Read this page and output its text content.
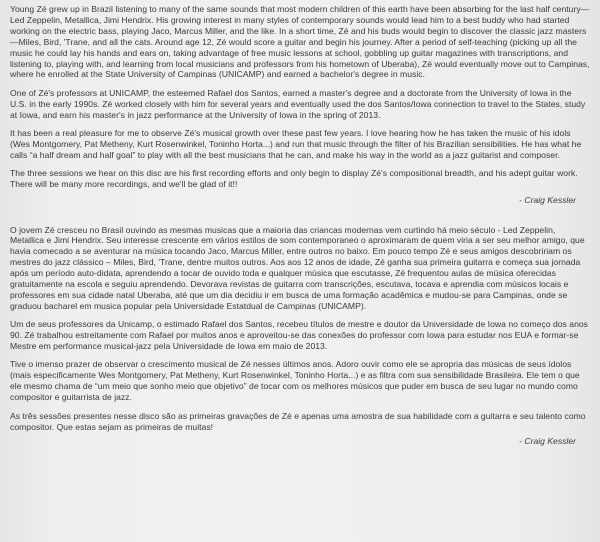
Young Zé grew up in Brazil listening to many of the same sounds that most modern children of this earth have been absorbing for the last half century—Led Zeppelin, Metallica, Jimi Hendrix. His growing interest in many styles of contemporary sounds would lead him to a best buddy who had started working on the electric bass, playing Jaco, Marcus Miller, and the like. In a short time, Zé and his buds would begin to discover the classic jazz masters—Miles, Bird, 'Trane, and all the cats. Around age 12, Zé would score a guitar and begin his journey. After a period of self-teaching (picking up all the music he could lay his hands and ears on, taking advantage of free music lessons at school, gobbling up guitar magazines with transcriptions, and listening to, playing with, and learning from local musicians and professors from his hometown of Uberaba), Zé would eventually move out to Campinas, where he enrolled at the State University of Campinas (UNICAMP) and earned a bachelor's degree in music.

One of Zé's professors at UNICAMP, the esteemed Rafael dos Santos, earned a master's degree and a doctorate from the University of Iowa in the U.S. in the early 1990s. Zé worked closely with him for several years and eventually used the dos Santos/Iowa connection to travel to the States, study at Iowa, and earn his master's in jazz performance at the University of Iowa in the spring of 2013.

It has been a real pleasure for me to observe Zé's musical growth over these past few years. I love hearing how he has taken the music of his idols (Wes Montgomery, Pat Metheny, Kurt Rosenwinkel, Toninho Horta...) and run that music through the filter of his Brazilian sensibilities. He has what he calls “a half dream and half goal” to play with all the best musicians that he can, and make his way in the world as a jazz guitarist and composer.

The three sessions we hear on this disc are his first recording efforts and only begin to display Zé's compositional breadth, and his adept guitar work. There will be many more recordings, and we'll be glad of it!!

- Craig Kessler

O jovem Zé cresceu no Brasil ouvindo as mesmas musicas que a maioria das criancas modernas vem curtindo há meio século - Led Zeppelin, Metallica e Jimi Hendrix. Seu interesse crescente em vários estilos de som contemporaneo o aproximaram de quem viria a ser seu melhor amigo, que havia comecado a se aventurar na música tocando Jaco, Marcus Miller, entre outros no baixo. Em pouco tempo Zé e seus amigos descobririam os mestres do jazz clássico – Miles, Bird, 'Trane, dentre muitos outros. Aos aos 12 anos de idade, Zé ganha sua primeira guitarra e começa sua jornada após um período auto-didata, aprendendo a tocar de ouvido toda e qualquer música que escutasse, Zé frequentou aulas de música oferecidas gratuitamente na escola e seguiu aprendendo. Devorava revistas de guitarra com transcrições, escutava, tocava e aprendia com músicos locais e professores em sua cidade natal Uberaba, até que um dia decidiu ir em busca de uma formação acadêmica e mudou-se para Campinas, onde se graduou bacharel em musica popular pela Universidade Estatdual de Campinas (UNICAMP).

Um de seus professores da Unicamp, o estimado Rafael dos Santos, recebeu títulos de mestre e doutor da Universidade de Iowa no começo dos anos 90. Zé trabalhou estreitamente com Rafael por muitos anos e aproveitou-se das conexões do professor com Iowa para estudar nos EUA e formar-se Mestre em performance musical-jazz pela Universidade de Iowa em maio de 2013.

Tive o imenso prazer de observar o crescimento musical de Zé nesses últimos anos. Adoro ouvir como ele se apropria das músicas de seus ídolos (mais especificamente Wes Montgomery, Pat Metheny, Kurt Rosenwinkel, Toninho Horta...) e as filtra com sua sensibilidade Brasileira. Ele tem o que ele mesmo chama de “um meio que sonho meio que objetivo” de tocar com os melhores músicos que puder em busca de seu lugar no mundo como compositor e guitarrista de jazz.

As três sessões presentes nesse disco são as primeiras gravações de Zé e apenas uma amostra de sua habilidade com a guitarra e seu talento como compositor. Que estas sejam as primeiras de muitas!

- Craig Kessler
